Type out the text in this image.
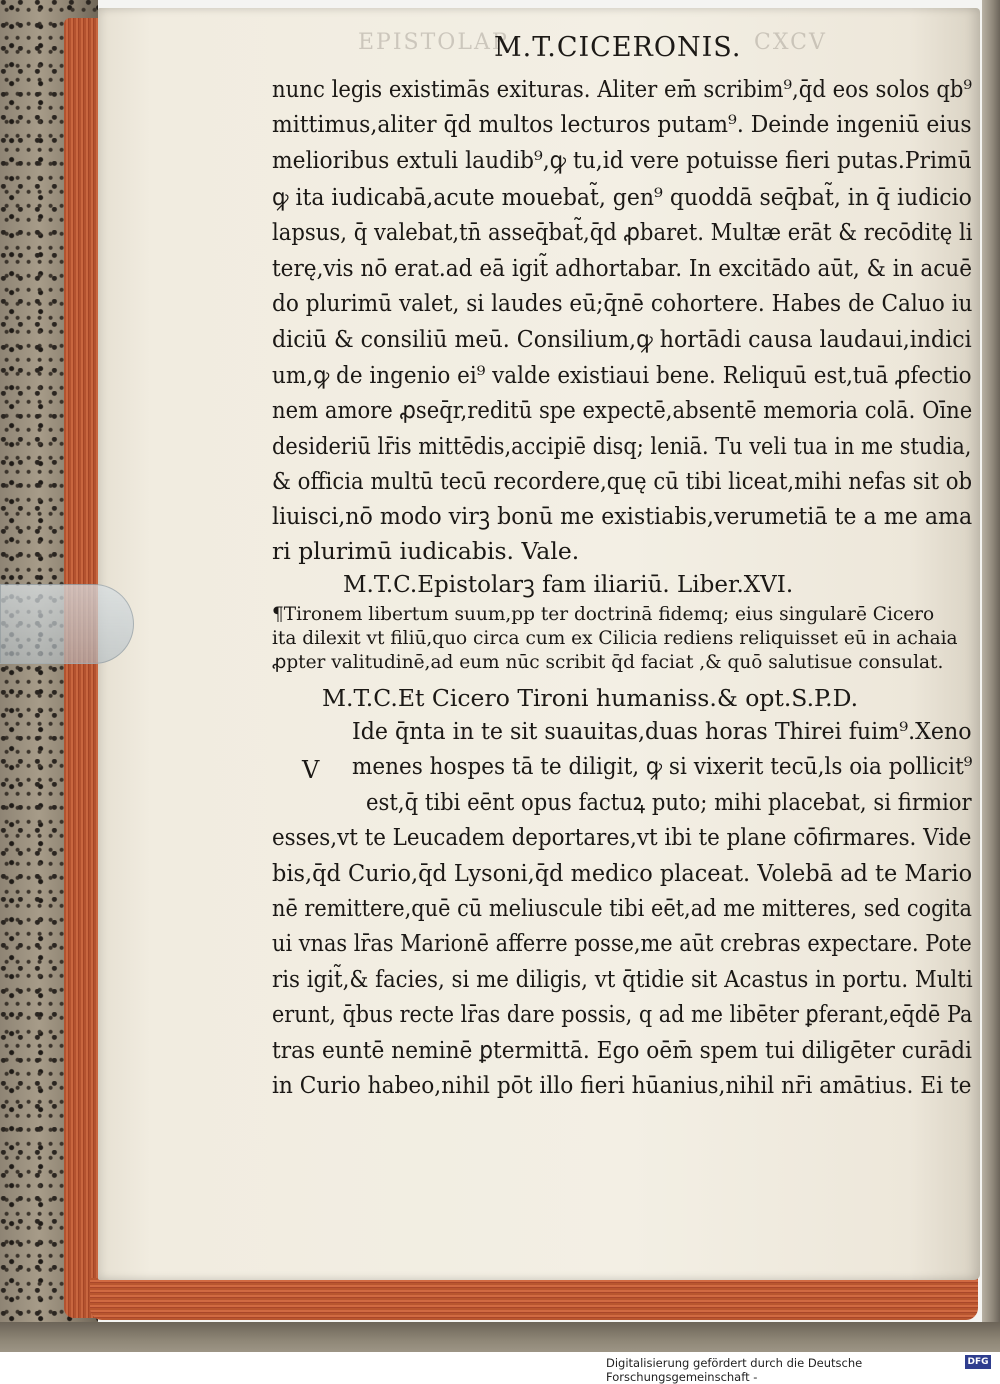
EPISTOLAR	CXCV
M.T.CICERONIS.
nunc legis existimās exituras. Aliter em̄ scribim⁹,q̄d eos solos qb⁹
mittimus,aliter q̄d multos lecturos putam⁹. Deinde ingeniū eius
melioribus extuli laudib⁹,ꝙ tu,id vere potuisse fieri putas.Primū
ꝙ ita iudicabā,acute mouebat̃, gen⁹ quoddā seq̄bat̃, in q̄ iudicio
lapsus, q̄ valebat,tn̄ asseq̄bat̃,q̄d ꝓbaret. Multæ erāt & recōditę li
terę,vis nō erat.ad eā igit̃ adhortabar. In excitādo aūt, & in acuē
do plurimū valet, si laudes eū;q̄nē cohortere. Habes de Caluo iu
diciū & consiliū meū. Consilium,ꝙ hortādi causa laudaui,indici
um,ꝙ de ingenio ei⁹ valde existiaui bene. Reliquū est,tuā ꝓfectio
nem amore ꝓseq̄r,reditū spe expectē,absentē memoria colā. Oīne
desideriū lr̄is mittēdis,accipiē disq; leniā. Tu veli tua in me studia,
& officia multū tecū recordere,quę cū tibi liceat,mihi nefas sit ob
liuisci,nō modo virꝫ bonū me existiabis,verumetiā te a me ama
ri plurimū iudicabis. Vale.
M.T.C.Epistolarꝫ fam iliariū. Liber.XVI.
¶Tironem libertum suum,pp ter doctrinā fidemq; eius singularē Cicero
ita dilexit vt filiū,quo circa cum ex Cilicia rediens reliquisset eū in achaia
ꝓpter valitudinē,ad eum nūc scribit q̄d faciat ,& quō salutisue consulat.
M.T.C.Et Cicero Tironi humaniss.& opt.S.P.D.
V
Ide q̄nta in te sit suauitas,duas horas Thirei fuim⁹.Xeno
menes hospes tā te diligit, ꝙ si vixerit tecū,ls oia pollicit⁹
est,q̄ tibi eēnt opus factuꝝ puto; mihi placebat, si firmior
esses,vt te Leucadem deportares,vt ibi te plane cōfirmares. Vide
bis,q̄d Curio,q̄d Lysoni,q̄d medico placeat. Volebā ad te Mario
nē remittere,quē cū meliuscule tibi eēt,ad me mitteres, sed cogita
ui vnas lr̄as Marionē afferre posse,me aūt crebras expectare. Pote
ris igit̃,& facies, si me diligis, vt q̄tidie sit Acastus in portu. Multi
erunt, q̄bus recte lr̄as dare possis, q ad me libēter ꝑferant,eq̄dē Pa
tras euntē neminē ꝑtermittā. Ego oēm̄ spem tui diligēter curādi
in Curio habeo,nihil pōt illo fieri hūanius,nihil nr̄i amātius. Ei te
Digitalisierung gefördert durch die Deutsche Forschungsgemeinschaft -
DFG
